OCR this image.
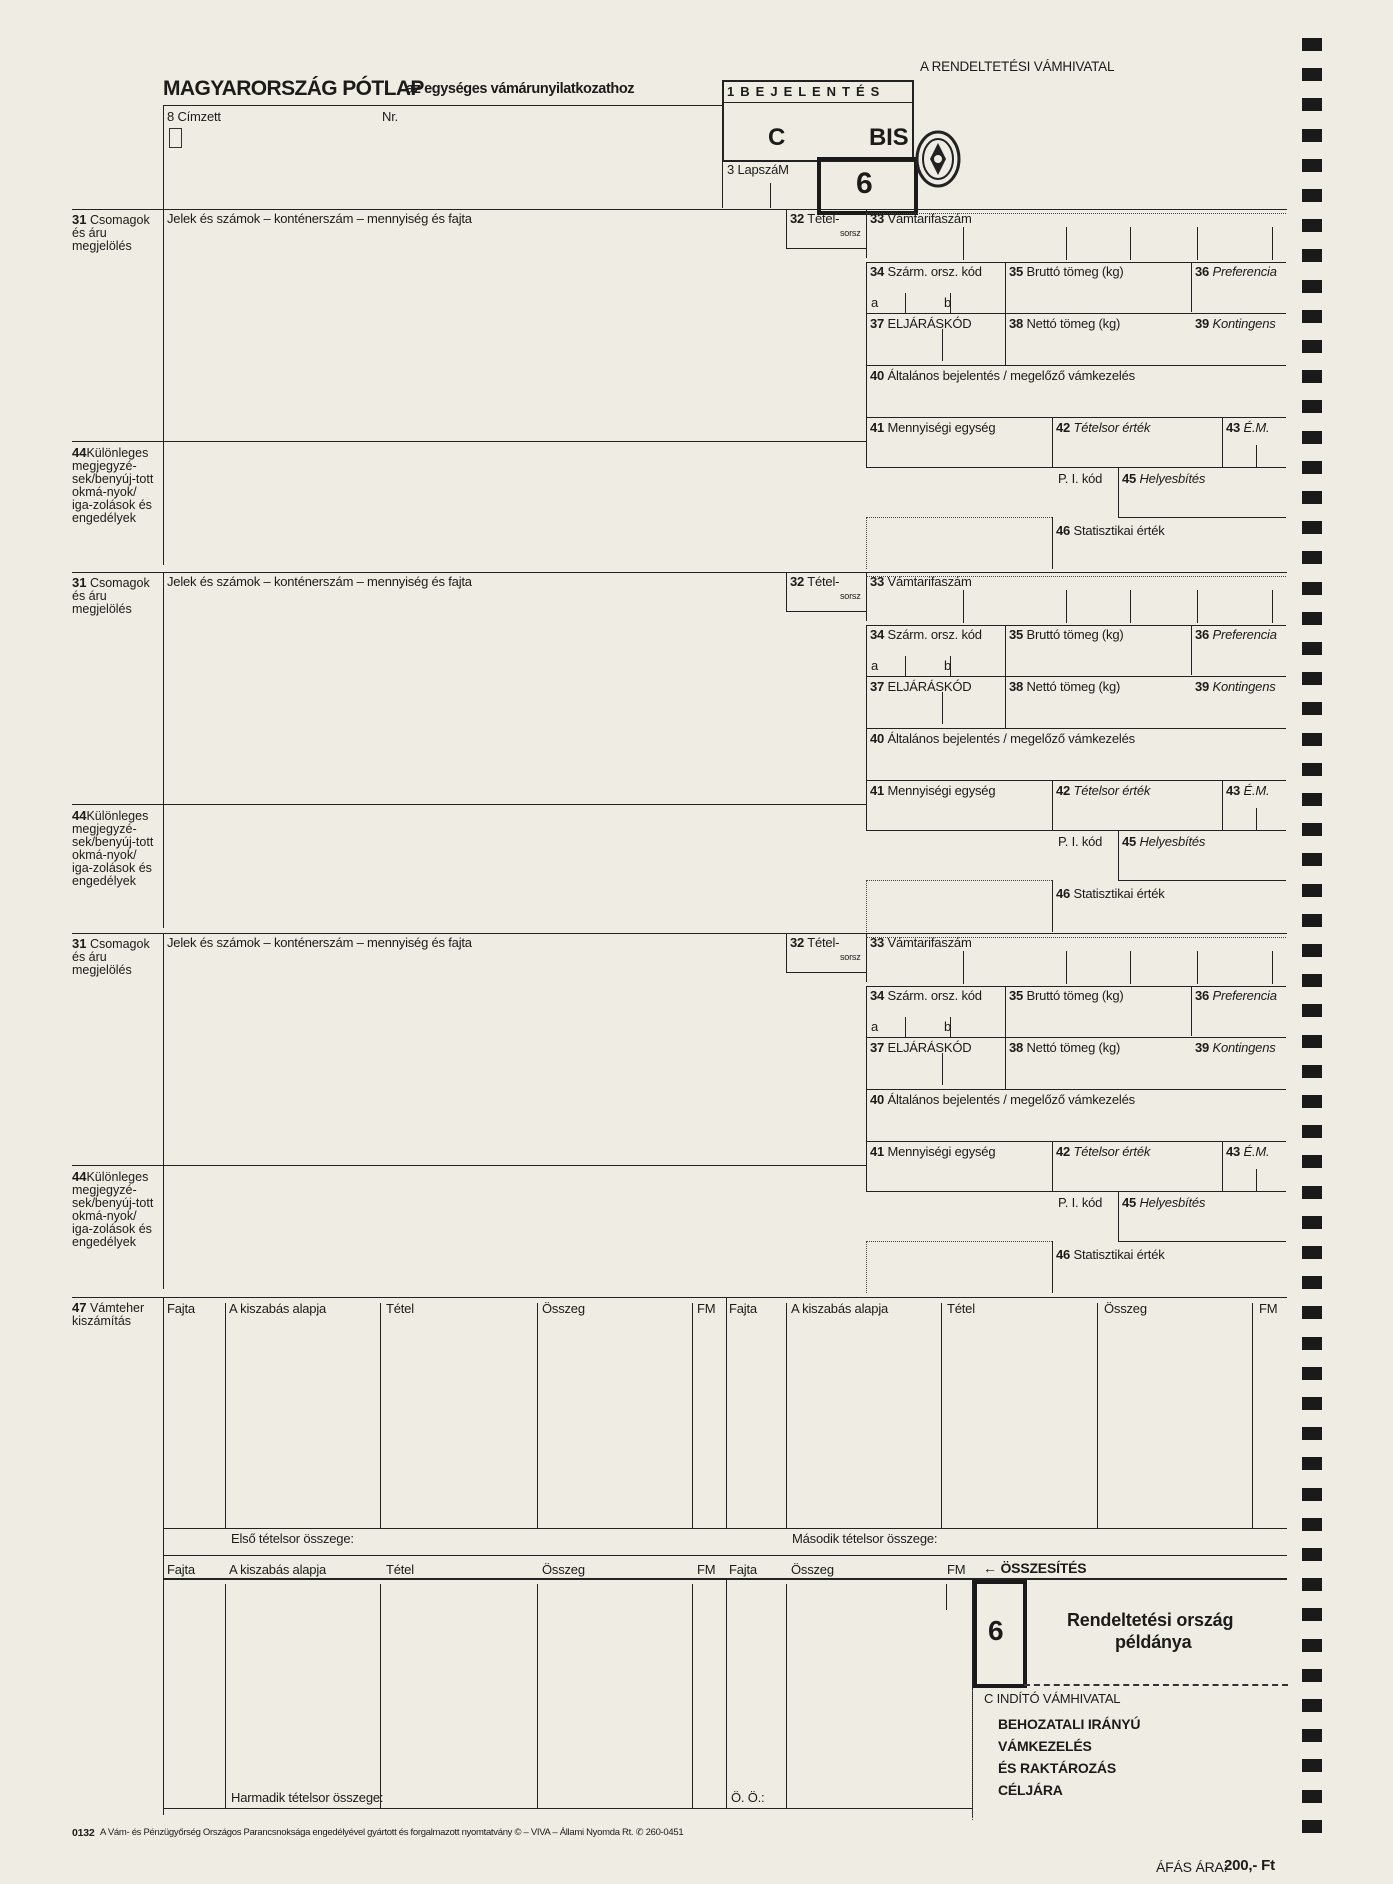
MAGYARORSZÁG PÓTLAP
az egységes vámárunyilatkozathoz
A RENDELTETÉSI VÁMHIVATAL
1 B E J E L E N T É S
C	BIS
3 LapszáM 6
8 Címzett	Nr.
31 Csomagok és áru megjelölés
Jelek és számok – konténerszám – mennyiség és fajta	32 Tétel-
sorsz
33 Vámtarifaszám
34 Szárm. orsz. kód 35 Bruttó tömeg (kg)	36 Preferencia
a	b
37 ELJÁRÁSKÓD	38 Nettó tömeg (kg)	39 Kontingens
40 Általános bejelentés / megelőző vámkezelés
41 Mennyiségi egység	42 Tételsor érték	43 É.M.
P. I. kód 45 Helyesbítés
46 Statisztikai érték
44Különleges megjegyzé-sek/benyúj-tott okmá-nyok/ iga-zolások és engedélyek
31 Csomagok és áru megjelölés
Jelek és számok – konténerszám – mennyiség és fajta	32 Tétel-
sorsz
33 Vámtarifaszám
34 Szárm. orsz. kód 35 Bruttó tömeg (kg)	36 Preferencia
a	b
37 ELJÁRÁSKÓD	38 Nettó tömeg (kg)	39 Kontingens
40 Általános bejelentés / megelőző vámkezelés
41 Mennyiségi egység	42 Tételsor érték	43 É.M.
P. I. kód 45 Helyesbítés
46 Statisztikai érték
44Különleges megjegyzé-sek/benyúj-tott okmá-nyok/ iga-zolások és engedélyek
31 Csomagok és áru megjelölés
Jelek és számok – konténerszám – mennyiség és fajta	32 Tétel-
sorsz
33 Vámtarifaszám
34 Szárm. orsz. kód 35 Bruttó tömeg (kg)	36 Preferencia
a	b
37 ELJÁRÁSKÓD	38 Nettó tömeg (kg)	39 Kontingens
40 Általános bejelentés / megelőző vámkezelés
41 Mennyiségi egység	42 Tételsor érték	43 É.M.
P. I. kód 45 Helyesbítés
46 Statisztikai érték
44Különleges megjegyzé-sek/benyúj-tott okmá-nyok/ iga-zolások és engedélyek
47 Vámteher kiszámítás
Fajta	A kiszabás alapja	Tétel	Összeg	FM Fajta	A kiszabás alapja	Tétel	Összeg	FM
Első tételsor összege:	Második tételsor összege:
Fajta	A kiszabás alapja	Tétel	Összeg	FM Fajta	Összeg	FM ← ÖSSZESÍTÉS
Harmadik tételsor összege:	Ö. Ö.:
6	Rendeltetési ország
példánya
C INDÍTÓ VÁMHIVATAL
BEHOZATALI IRÁNYÚ
VÁMKEZELÉS
ÉS RAKTÁROZÁS
CÉLJÁRA
0132 A Vám- és Pénzügyőrség Országos Parancsnoksága engedélyével gyártott és forgalmazott nyomtatvány © – VIVA – Állami Nyomda Rt. ✆ 260-0451
ÁFÁS ÁRA:
200,- Ft
